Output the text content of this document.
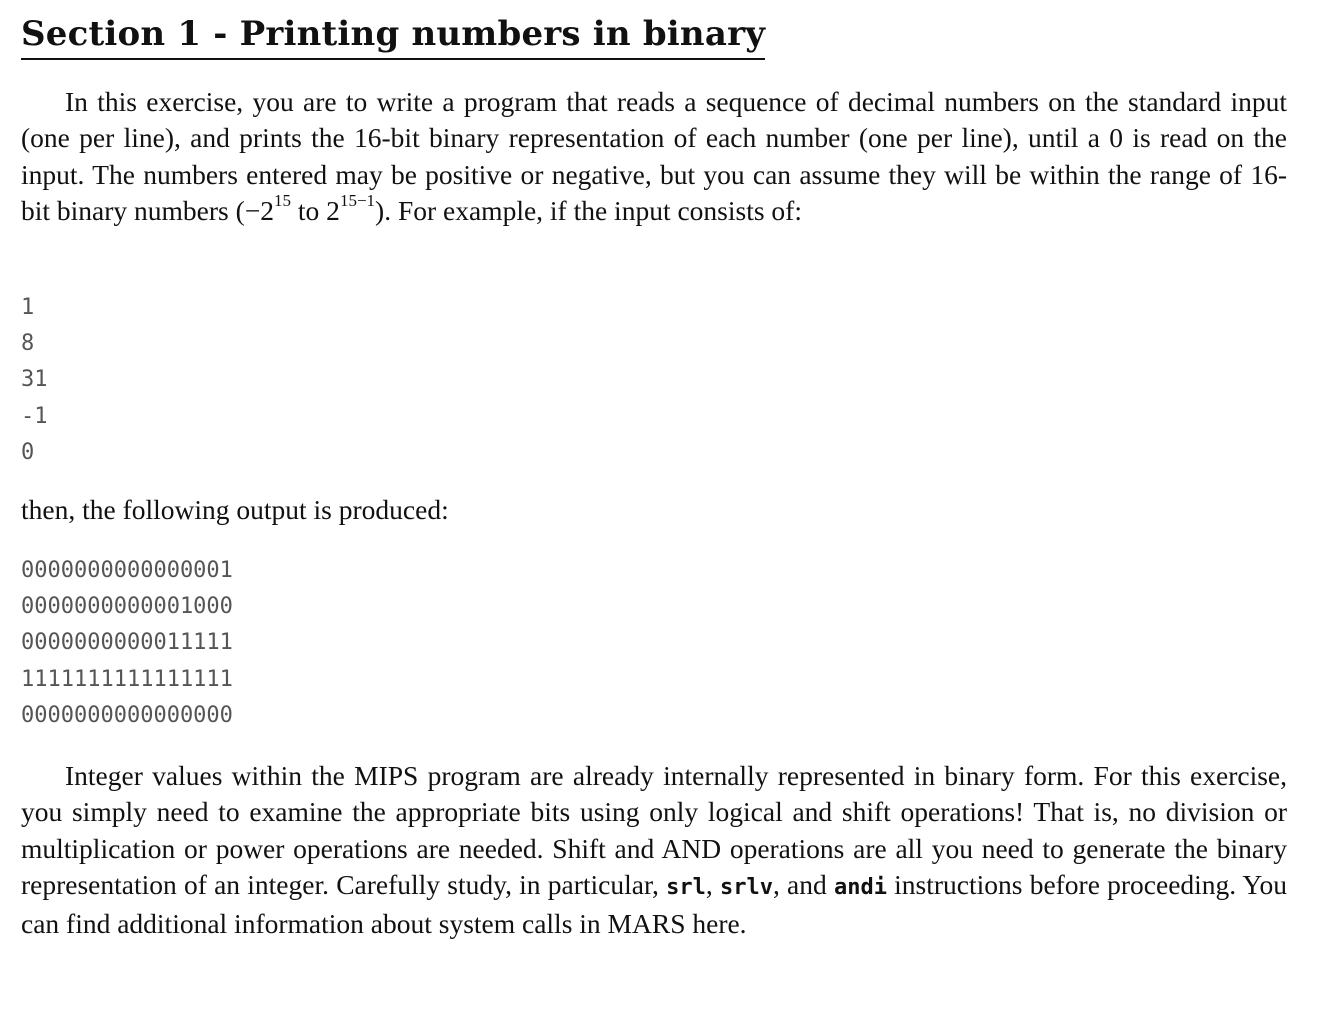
Section 1 - Printing numbers in binary

In this exercise, you are to write a program that reads a sequence of decimal numbers on the standard input (one per line), and prints the 16-bit binary representation of each number (one per line), until a 0 is read on the input. The numbers entered may be positive or negative, but you can assume they will be within the range of 16-bit binary numbers ($-2^{15}$ to $2^{15-1}$). For example, if the input consists of:

1
8
31
-1
0

then, the following output is produced:

0000000000000001
0000000000001000
0000000000011111
1111111111111111
0000000000000000

Integer values within the MIPS program are already internally represented in binary form. For this exercise, you simply need to examine the appropriate bits using only logical and shift operations! That is, no division or multiplication or power operations are needed. Shift and AND operations are all you need to generate the binary representation of an integer. Carefully study, in particular, srl, srlv, and andi instructions before proceeding. You can find additional information about system calls in MARS here.
